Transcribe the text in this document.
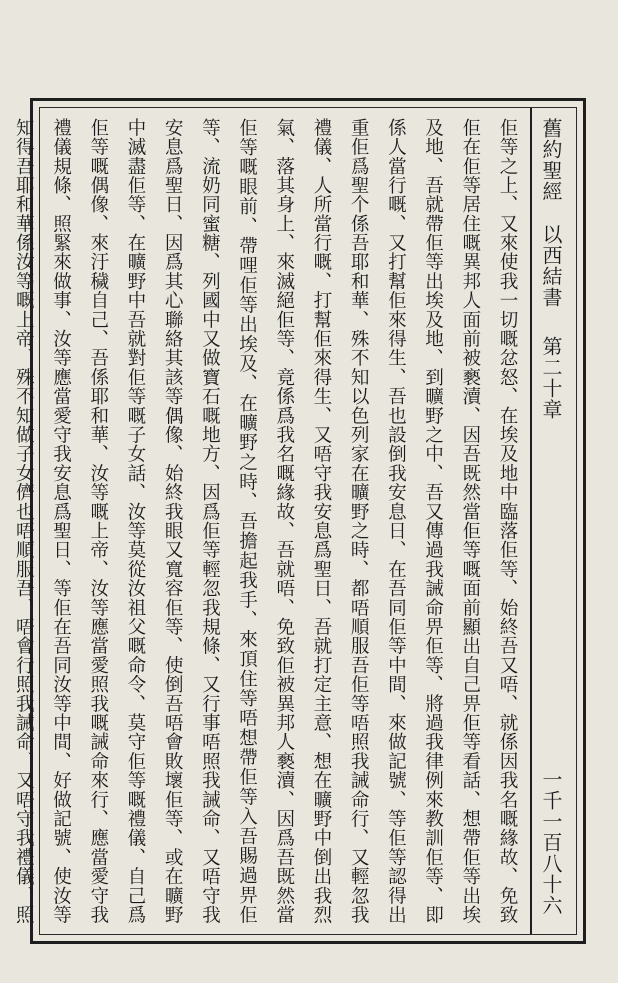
舊約聖經以西結書第二十章
一千一百八十六

佢等之上、又來使我一切嘅忿怒、在埃及地中臨落佢等、始終吾又唔、就係因我名嘅緣故、免致佢在佢等居住嘅異邦人面前被褻瀆、因吾既然當佢等嘅面前顯出自己畀佢等看話、想帶佢等出埃及地、吾就帶佢等出埃及地、到曠野之中、吾又傳過我誡命畀佢等、將過我律例來教訓佢等、即係人當行嘅、又打幫佢來得生、吾也設倒我安息日、在吾同佢等中間、來做記號、等佢等認得出重佢爲聖个係吾耶和華、殊不知以色列家在曠野之時、都唔順服吾佢等唔照我誡命行、又輕忽我禮儀、人所當行嘅、打幫佢來得生、又唔守我安息爲聖日、吾就打定主意、想在曠野中倒出我烈氣、落其身上、來滅絕佢等、竟係爲我名嘅緣故、吾就唔、免致佢被異邦人褻瀆、因爲吾既然當佢等嘅眼前、帶哩佢等出埃及、在曠野之時、吾擔起我手、來頂住等唔想帶佢等入吾賜過畀佢等、流奶同蜜糖、列國中又做寶石嘅地方、因爲佢等輕忽我規條、又行事唔照我誡命、又唔守我安息爲聖日、因爲其心聯絡其該等偶像、始終我眼又寬容佢等、使倒吾唔會敗壞佢等、或在曠野中滅盡佢等、在曠野中吾就對佢等嘅子女話、汝等莫從汝祖父嘅命令、莫守佢等嘅禮儀、自己爲佢等嘅偶像、來汙穢自己、吾係耶和華、汝等嘅上帝、汝等應當愛照我嘅誡命來行、應當愛守我禮儀規條、照緊來做事、汝等應當愛守我安息爲聖日、等佢在吾同汝等中間、好做記號、使汝等知得吾耶和華係汝等嘅上帝、殊不知做子女儕也唔順服吾、唔會行照我誡命、又唔守我禮儀、照
